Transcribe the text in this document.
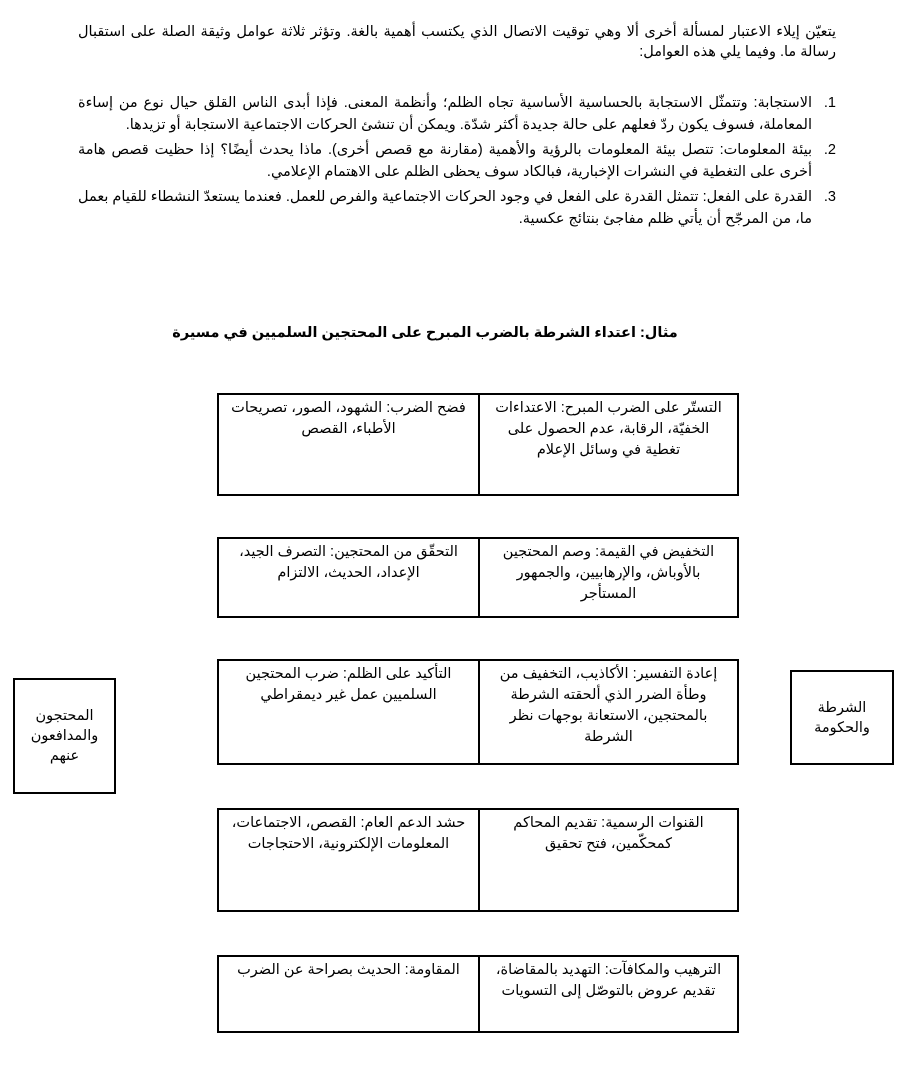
يتعيّن إيلاء الاعتبار لمسألة أخرى ألا وهي توقيت الاتصال الذي يكتسب أهمية بالغة. وتؤثر ثلاثة عوامل وثيقة الصلة على استقبال رسالة ما. وفيما يلي هذه العوامل:

1.
الاستجابة: وتتمثّل الاستجابة بالحساسية الأساسية تجاه الظلم؛ وأنظمة المعنى. فإذا أبدى الناس القلق حيال نوع من إساءة المعاملة، فسوف يكون ردّ فعلهم على حالة جديدة أكثر شدّة. ويمكن أن تنشئ الحركات الاجتماعية الاستجابة أو تزيدها.
2.
بيئة المعلومات: تتصل بيئة المعلومات بالرؤية والأهمية (مقارنة مع قصص أخرى). ماذا يحدث أيضًا؟ إذا حظيت قصص هامة أخرى على التغطية في النشرات الإخبارية، فبالكاد سوف يحظى الظلم على الاهتمام الإعلامي.
3.
القدرة على الفعل: تتمثل القدرة على الفعل في وجود الحركات الاجتماعية والفرص للعمل. فعندما يستعدّ النشطاء للقيام بعمل ما، من المرجّح أن يأتي ظلم مفاجئ بنتائج عكسية.

مثال: اعتداء الشرطة بالضرب المبرح على المحتجين السلميين في مسيرة

التستّر على الضرب المبرح: الاعتداءات الخفيّة، الرقابة، عدم الحصول على تغطية في وسائل الإعلام
فضح الضرب: الشهود، الصور، تصريحات الأطباء، القصص
التخفيض في القيمة: وصم المحتجين بالأوباش، والإرهابيين، والجمهور المستأجر
التحقّق من المحتجين: التصرف الجيد، الإعداد، الحديث، الالتزام
إعادة التفسير: الأكاذيب، التخفيف من وطأة الضرر الذي ألحقته الشرطة بالمحتجين، الاستعانة بوجهات نظر الشرطة
التأكيد على الظلم: ضرب المحتجين السلميين عمل غير ديمقراطي
القنوات الرسمية: تقديم المحاكم كمحكّمين، فتح تحقيق
حشد الدعم العام: القصص، الاجتماعات، المعلومات الإلكترونية، الاحتجاجات
الترهيب والمكافآت: التهديد بالمقاضاة، تقديم عروض بالتوصّل إلى التسويات
المقاومة: الحديث بصراحة عن الضرب
المحتجون والمدافعون عنهم
الشرطة والحكومة
